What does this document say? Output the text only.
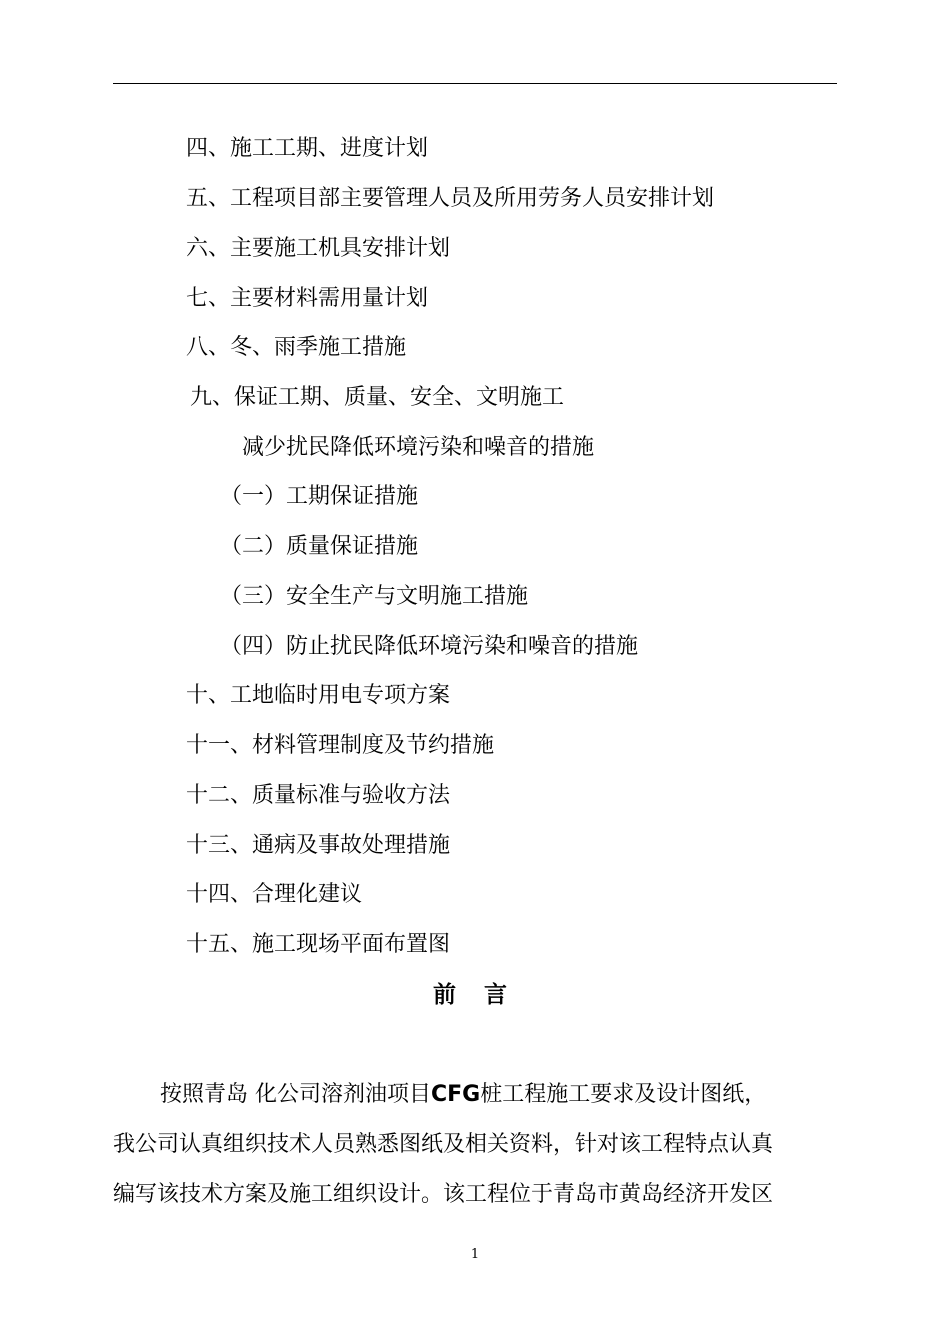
四、施工工期、进度计划
五、工程项目部主要管理人员及所用劳务人员安排计划
六、主要施工机具安排计划
七、主要材料需用量计划
八、冬、雨季施工措施
九、保证工期、质量、安全、文明施工
减少扰民降低环境污染和噪音的措施
（一）工期保证措施
（二）质量保证措施
（三）安全生产与文明施工措施
（四）防止扰民降低环境污染和噪音的措施
十、工地临时用电专项方案
十一、材料管理制度及节约措施
十二、质量标准与验收方法
十三、通病及事故处理措施
十四、合理化建议
十五、施工现场平面布置图
前 言
按照青岛 化公司溶剂油项目CFG桩工程施工要求及设计图纸，
我公司认真组织技术人员熟悉图纸及相关资料，针对该工程特点认真
编写该技术方案及施工组织设计。该工程位于青岛市黄岛经济开发区
1
